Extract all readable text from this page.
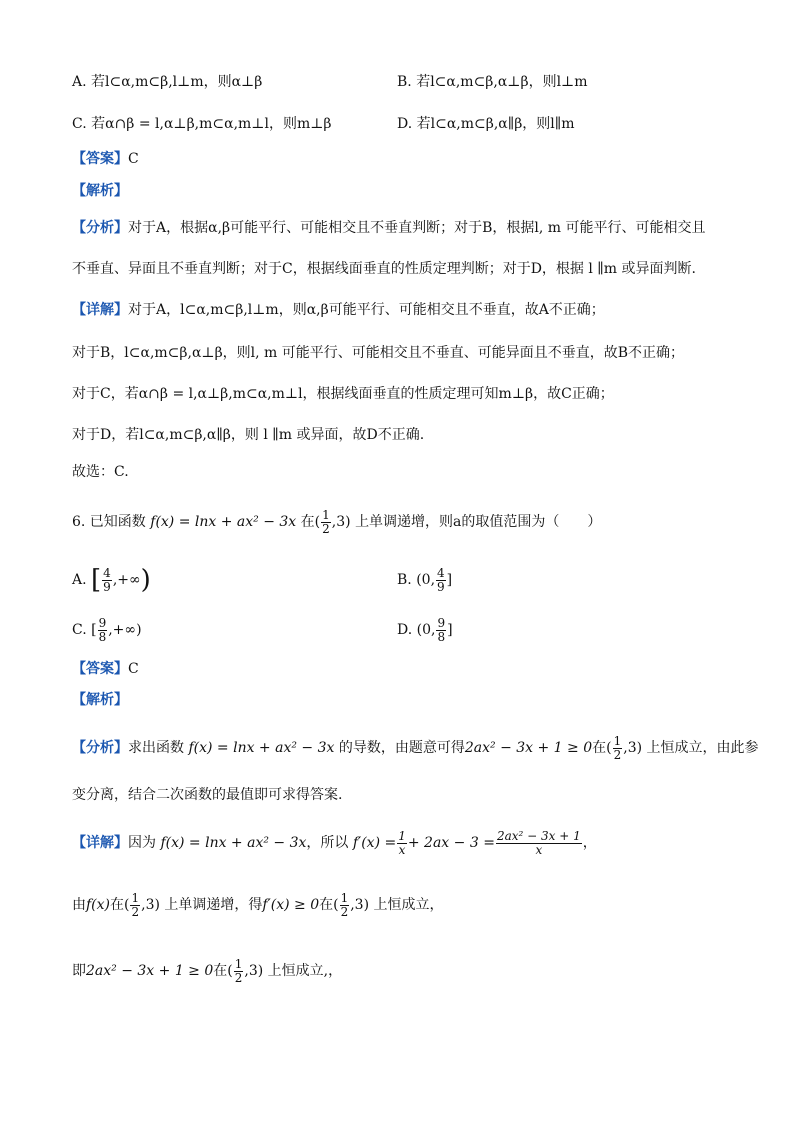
A. 若l⊂α,m⊂β,l⊥m，则α⊥β	B. 若l⊂α,m⊂β,α⊥β，则l⊥m
C. 若α∩β = l,α⊥β,m⊂α,m⊥l，则m⊥β	D. 若l⊂α,m⊂β,α∥β，则l∥m
【答案】C
【解析】
【分析】对于A，根据α,β可能平行、可能相交且不垂直判断；对于B，根据l, m 可能平行、可能相交且
不垂直、异面且不垂直判断；对于C，根据线面垂直的性质定理判断；对于D，根据 l ∥m 或异面判断.
【详解】对于A，l⊂α,m⊂β,l⊥m，则α,β可能平行、可能相交且不垂直，故A不正确；
对于B，l⊂α,m⊂β,α⊥β，则l, m 可能平行、可能相交且不垂直、可能异面且不垂直，故B不正确；
对于C，若α∩β = l,α⊥β,m⊂α,m⊥l，根据线面垂直的性质定理可知m⊥β，故C正确；
对于D，若l⊂α,m⊂β,α∥β，则 l ∥m 或异面，故D不正确.
故选：C.
6. 已知函数 f(x) = lnx + ax² − 3x 在( $\frac{1}{2} ,3$) 上单调递增，则a的取值范围为（　　）
A. [ $\frac{4}{9}$ ,+∞)	B. (0, $\frac{4}{9}$ ]
C. [ $\frac{9}{8}$ ,+∞)	D. (0, $\frac{9}{8}$ ]
【答案】C
【解析】
【分析】求出函数 f(x) = lnx + ax² − 3x 的导数，由题意可得2ax² − 3x + 1 ≥ 0在( $\frac{1}{2} ,3$) 上恒成立，由此参
变分离，结合二次函数的最值即可求得答案.
【详解】因为 f(x) = lnx + ax² − 3x，所以 $f'(x) = \frac{1}{x} + 2ax - 3 = \frac{\text{2ax² − 3x + 1}}{x}$ ，
由f(x)在( $\frac{1}{2} ,3$) 上单调递增，得f′(x) ≥ 0在( $\frac{1}{2} ,3$) 上恒成立，
即2ax² − 3x + 1 ≥ 0在( $\frac{1}{2} ,3$) 上恒成立,，
